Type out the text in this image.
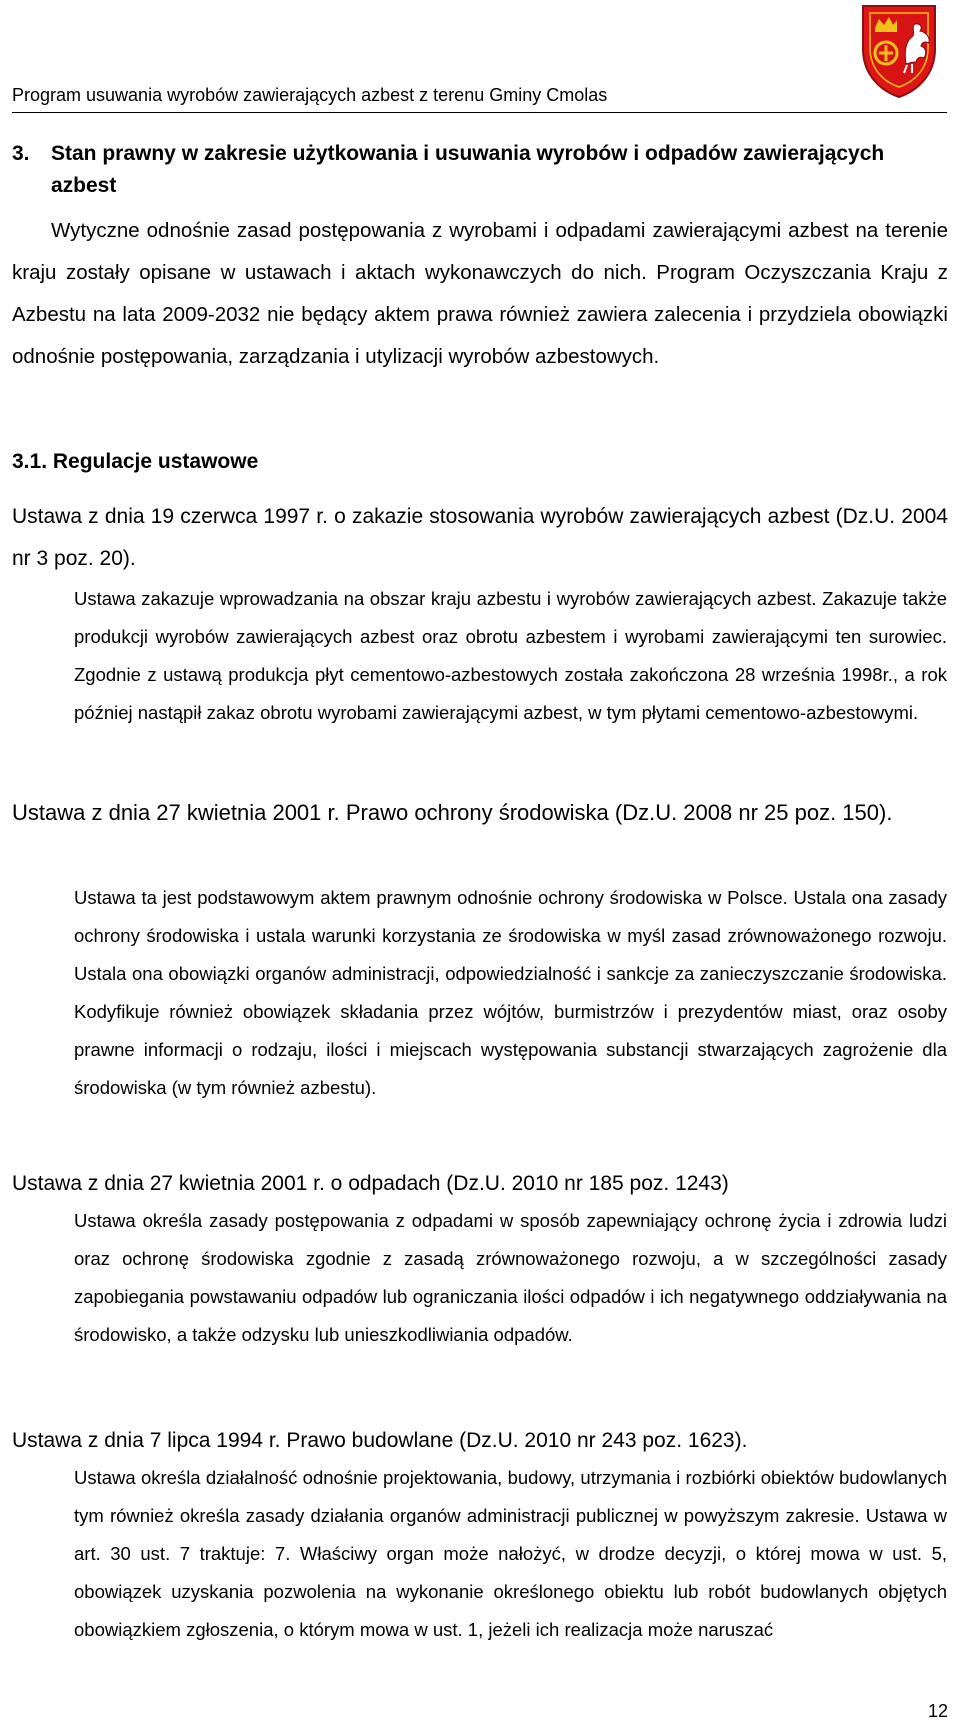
Program usuwania wyrobów zawierających azbest z terenu Gminy Cmolas
3.	Stan prawny w zakresie użytkowania i usuwania wyrobów i odpadów zawierających azbest

Wytyczne odnośnie zasad postępowania z wyrobami i odpadami zawierającymi azbest na terenie kraju zostały opisane w ustawach i aktach wykonawczych do nich. Program Oczyszczania Kraju z Azbestu na lata 2009-2032 nie będący aktem prawa również zawiera zalecenia i przydziela obowiązki odnośnie postępowania, zarządzania i utylizacji wyrobów azbestowych.

3.1. Regulacje ustawowe

Ustawa z dnia 19 czerwca 1997 r. o zakazie stosowania wyrobów zawierających azbest (Dz.U. 2004 nr 3 poz. 20).

Ustawa zakazuje wprowadzania na obszar kraju azbestu i wyrobów zawierających azbest. Zakazuje także produkcji wyrobów zawierających azbest oraz obrotu azbestem i wyrobami zawierającymi ten surowiec. Zgodnie z ustawą produkcja płyt cementowo-azbestowych została zakończona 28 września 1998r., a rok później nastąpił zakaz obrotu wyrobami zawierającymi azbest, w tym płytami cementowo-azbestowymi.

Ustawa z dnia 27 kwietnia 2001 r. Prawo ochrony środowiska (Dz.U. 2008 nr 25 poz. 150).

Ustawa ta jest podstawowym aktem prawnym odnośnie ochrony środowiska w Polsce. Ustala ona zasady ochrony środowiska i ustala warunki korzystania ze środowiska w myśl zasad zrównoważonego rozwoju. Ustala ona obowiązki organów administracji, odpowiedzialność i sankcje za zanieczyszczanie środowiska. Kodyfikuje również obowiązek składania przez wójtów, burmistrzów i prezydentów miast, oraz osoby prawne informacji o rodzaju, ilości i miejscach występowania substancji stwarzających zagrożenie dla środowiska (w tym również azbestu).

Ustawa z dnia 27 kwietnia 2001 r. o odpadach (Dz.U. 2010 nr 185 poz. 1243)

Ustawa określa zasady postępowania z odpadami w sposób zapewniający ochronę życia i zdrowia ludzi oraz ochronę środowiska zgodnie z zasadą zrównoważonego rozwoju, a w szczególności zasady zapobiegania powstawaniu odpadów lub ograniczania ilości odpadów i ich negatywnego oddziaływania na środowisko, a także odzysku lub unieszkodliwiania odpadów.

Ustawa z dnia 7 lipca 1994 r. Prawo budowlane (Dz.U. 2010 nr 243 poz. 1623).

Ustawa określa działalność odnośnie projektowania, budowy, utrzymania i rozbiórki obiektów budowlanych tym również określa zasady działania organów administracji publicznej w powyższym zakresie. Ustawa w art. 30 ust. 7 traktuje: 7. Właściwy organ może nałożyć, w drodze decyzji, o której mowa w ust. 5, obowiązek uzyskania pozwolenia na wykonanie określonego obiektu lub robót budowlanych objętych obowiązkiem zgłoszenia, o którym mowa w ust. 1, jeżeli ich realizacja może naruszać

12
